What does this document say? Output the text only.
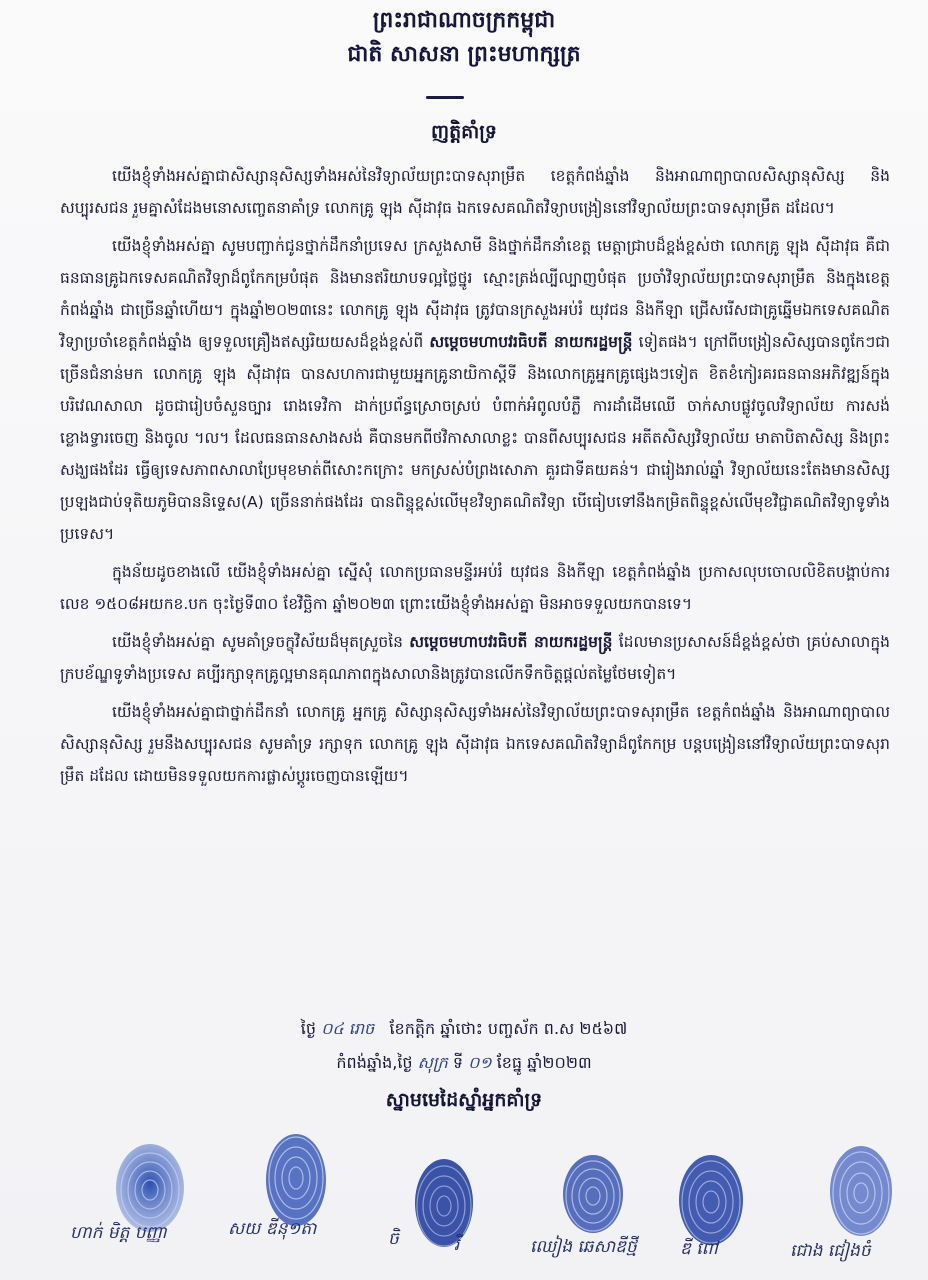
ព្រះរាជាណាចក្រកម្ពុជា
ជាតិ សាសនា ព្រះមហាក្សត្រ
ញត្តិគាំទ្រ

យើងខ្ញុំទាំងអស់គ្នាជាសិស្សានុសិស្សទាំងអស់នៃវិទ្យាល័យព្រះបាទសុរាម្រឹត ខេត្តកំពង់ឆ្នាំង និងអាណាព្យាបាលសិស្សានុសិស្ស និងសប្បុរសជន រួមគ្នាសំដែងមនោសញ្ចេតនាគាំទ្រ លោកគ្រូ ឡុង ស៊ីដាវុធ ឯកទេសគណិតវិទ្យាបង្រៀននៅវិទ្យាល័យព្រះបាទសុរាម្រឹត ដដែល។

យើងខ្ញុំទាំងអស់គ្នា សូមបញ្ជាក់ជូនថ្នាក់ដឹកនាំប្រទេស ក្រសួងសាមី និងថ្នាក់ដឹកនាំខេត្ត មេត្តាជ្រាបដ៏ខ្ពង់ខ្ពស់ថា លោកគ្រូ ឡុង ស៊ីដាវុធ គឺជាធនធានគ្រូឯកទេសគណិតវិទ្យាដ៏ពូកែកម្របំផុត និងមានឥរិយាបទល្អថ្លៃថ្នូរ ស្មោះត្រង់ល្បីល្បាញបំផុត ប្រចាំវិទ្យាល័យព្រះបាទសុរាម្រឹត និងក្នុងខេត្តកំពង់ឆ្នាំង ជាច្រើនឆ្នាំហើយ។ ក្នុងឆ្នាំ២០២៣នេះ លោកគ្រូ ឡុង ស៊ីដាវុធ ត្រូវបានក្រសួងអប់រំ យុវជន និងកីឡា ជ្រើសរើសជាគ្រូឆ្នើមឯកទេសគណិតវិទ្យាប្រចាំខេត្តកំពង់ឆ្នាំង ឲ្យទទួលគ្រឿងឥស្សរិយយសដ៏ខ្ពង់ខ្ពស់ពី សម្តេចមហាបវរធិបតី នាយករដ្ឋមន្រ្តី ទៀតផង។ ក្រៅពីបង្រៀនសិស្សបានពូកែៗជាច្រើនជំនាន់មក លោកគ្រូ ឡុង ស៊ីដាវុធ បានសហការជាមួយអ្នកគ្រូនាយិកាស្តីទី និងលោកគ្រូអ្នកគ្រូផ្សេងៗទៀត ខិតខំកៀរគរធនធានអភិវឌ្ឍន៍ក្នុងបរិវេណសាលា ដូចជារៀបចំសួនច្បារ រោងទេវិកា ដាក់ប្រព័ន្ធស្រោចស្រប់ បំពាក់អំពូលបំភ្លឺ ការដាំដើមឈើ ចាក់សាបផ្លូវចូលវិទ្យាល័យ ការសង់ខ្លោងទ្វារចេញ និងចូល ។ល។ ដែលធនធានសាងសង់ គឺបានមកពីថវិកាសាលាខ្លះ បានពីសប្បុរសជន អតីតសិស្សវិទ្យាល័យ មាតាបិតាសិស្ស និងព្រះសង្ឃផងដែរ ធ្វើឲ្យទេសភាពសាលាប្រែមុខមាត់ពីសោះកក្រោះ មកស្រស់បំព្រងសោភា គួរជាទីគយគន់។ ជារៀងរាល់ឆ្នាំ វិទ្យាល័យនេះតែងមានសិស្សប្រឡងជាប់ទុតិយភូមិបាននិទ្ទេស(A) ច្រើននាក់ផងដែរ បានពិន្ទុខ្ពស់លើមុខវិទ្យាគណិតវិទ្យា បើធៀបទៅនឹងកម្រិតពិន្ទុខ្ពស់លើមុខវិជ្ជាគណិតវិទ្យាទូទាំងប្រទេស។

ក្នុងន័យដូចខាងលើ យើងខ្ញុំទាំងអស់គ្នា ស្នើសុំ លោកប្រធានមន្ទីរអប់រំ យុវជន និងកីឡា ខេត្តកំពង់ឆ្នាំង ប្រកាសលុបចោលលិខិតបង្គាប់ការ លេខ ១៥០៨អយកខ.បក ចុះថ្ងៃទី៣០ ខែវិច្ឆិកា ឆ្នាំ២០២៣ ព្រោះយើងខ្ញុំទាំងអស់គ្នា មិនអាចទទួលយកបានទេ។

យើងខ្ញុំទាំងអស់គ្នា សូមគាំទ្រចក្ខុវិស័យដ៏មុតស្រួចនៃ សម្តេចមហាបវរធិបតី នាយករដ្ឋមន្រ្តី ដែលមានប្រសាសន៍ដ៏ខ្ពង់ខ្ពស់ថា គ្រប់សាលាក្នុងក្របខ័ណ្ឌទូទាំងប្រទេស គប្បីរក្សាទុកគ្រូល្អមានគុណភាពក្នុងសាលានិងត្រូវបានលើកទឹកចិត្តផ្តល់តម្លៃថែមទៀត។

យើងខ្ញុំទាំងអស់គ្នាជាថ្នាក់ដឹកនាំ លោកគ្រូ អ្នកគ្រូ សិស្សានុសិស្សទាំងអស់នៃវិទ្យាល័យព្រះបាទសុរាម្រឹត ខេត្តកំពង់ឆ្នាំង និងអាណាព្យាបាលសិស្សានុសិស្ស រួមនឹងសប្បុរសជន សូមគាំទ្រ រក្សាទុក លោកគ្រូ ឡុង ស៊ីដាវុធ ឯកទេសគណិតវិទ្យាដ៏ពូកែកម្រ បន្តបង្រៀននៅវិទ្យាល័យព្រះបាទសុរាម្រឹត ដដែល ដោយមិនទទួលយកការផ្លាស់ប្តូរចេញបានឡើយ។

ថ្ងៃ ០៤ រោច ខែកត្តិក ឆ្នាំថោះ បញ្ចស័ក ព.ស ២៥៦៧
កំពង់ឆ្នាំង,ថ្ងៃ សុក្រ ទី ០១ ខែធ្នូ ឆ្នាំ២០២៣
ស្នាមមេដៃស្នាំអ្នកគាំទ្រ
ហាក់ មិត្ត បញ្ញា	សយ ឌីនុ១តា	ចិ	រី	ឈៀង ឆេសាឌីថ្មី	ឌី ពៅ	ជោង ជៀងចំ
